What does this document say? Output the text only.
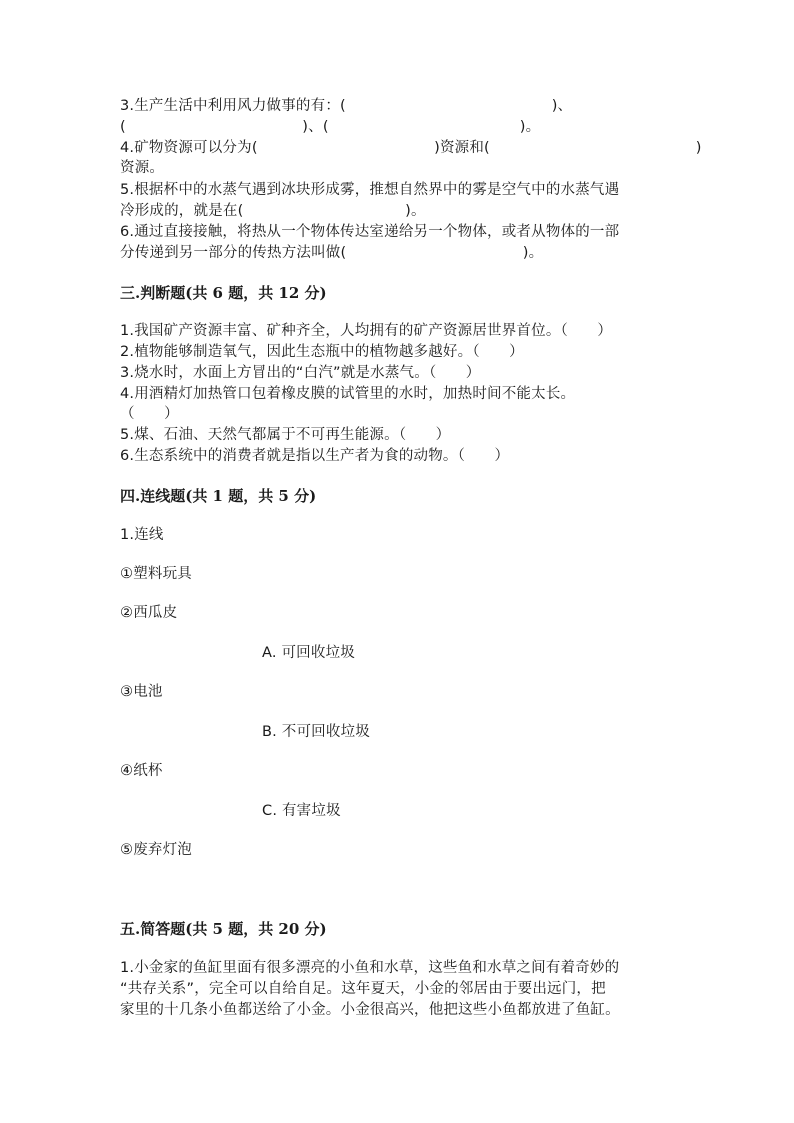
3.生产生活中利用风力做事的有：(　　　　　　　　　　　　　　)、
(　　　　　　　　　　　　)、(　　　　　　　　　　　　　)。
4.矿物资源可以分为(　　　　　　　　　　　　)资源和(　　　　　　　　　　　　　　)
资源。
5.根据杯中的水蒸气遇到冰块形成雾，推想自然界中的雾是空气中的水蒸气遇
冷形成的，就是在(　　　　　　　　　　　)。
6.通过直接接触，将热从一个物体传达室递给另一个物体，或者从物体的一部
分传递到另一部分的传热方法叫做(　　　　　　　　　　　　)。
三.判断题(共 6 题，共 12 分)
1.我国矿产资源丰富、矿种齐全，人均拥有的矿产资源居世界首位。（　　）
2.植物能够制造氧气，因此生态瓶中的植物越多越好。（　　）
3.烧水时，水面上方冒出的“白汽”就是水蒸气。（　　）
4.用酒精灯加热管口包着橡皮膜的试管里的水时，加热时间不能太长。
（　　）
5.煤、石油、天然气都属于不可再生能源。（　　）
6.生态系统中的消费者就是指以生产者为食的动物。（　　）
四.连线题(共 1 题，共 5 分)
1.连线
①塑料玩具
②西瓜皮
A. 可回收垃圾
③电池
B. 不可回收垃圾
④纸杯
C. 有害垃圾
⑤废弃灯泡
五.简答题(共 5 题，共 20 分)
1.小金家的鱼缸里面有很多漂亮的小鱼和水草，这些鱼和水草之间有着奇妙的
“共存关系”，完全可以自给自足。这年夏天，小金的邻居由于要出远门，把
家里的十几条小鱼都送给了小金。小金很高兴，他把这些小鱼都放进了鱼缸。
